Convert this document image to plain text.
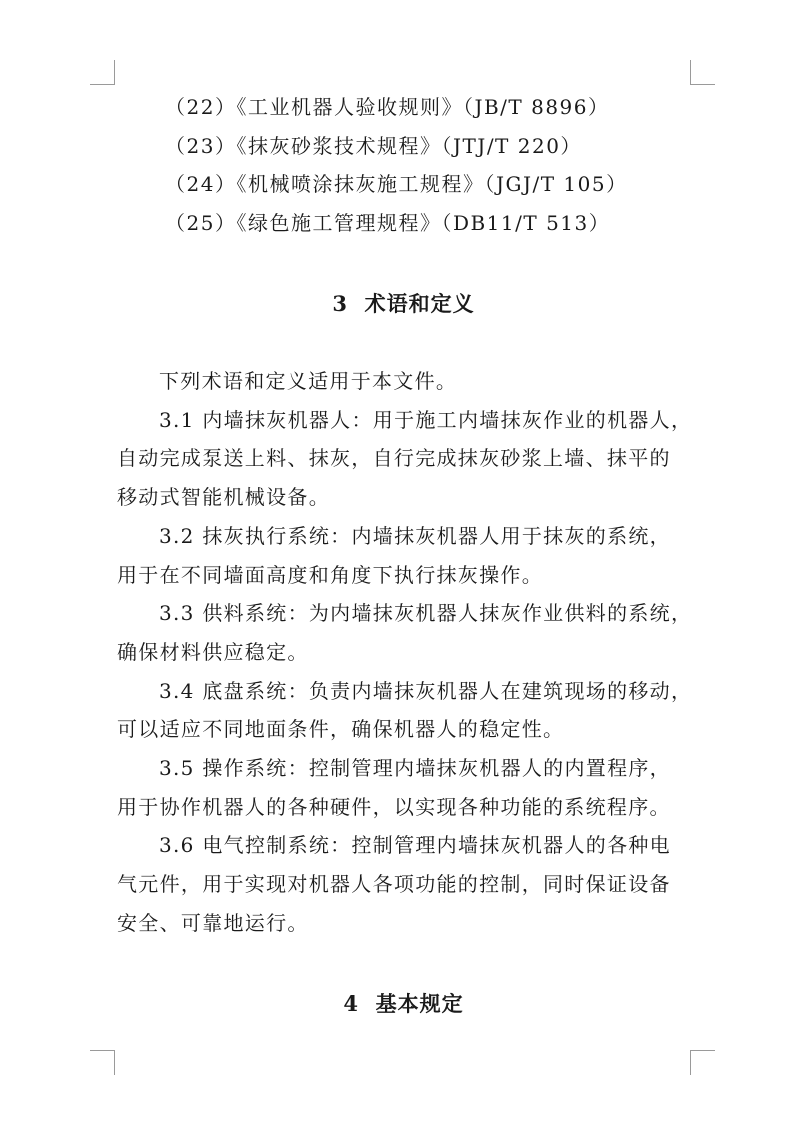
（22）《工业机器人验收规则》（JB/T 8896）
（23）《抹灰砂浆技术规程》（JTJ/T 220）
（24）《机械喷涂抹灰施工规程》（JGJ/T 105）
（25）《绿色施工管理规程》（DB11/T 513）
3  术语和定义
下列术语和定义适用于本文件。
3.1 内墙抹灰机器人：用于施工内墙抹灰作业的机器人，
自动完成泵送上料、抹灰，自行完成抹灰砂浆上墙、抹平的
移动式智能机械设备。
3.2 抹灰执行系统：内墙抹灰机器人用于抹灰的系统，
用于在不同墙面高度和角度下执行抹灰操作。
3.3 供料系统：为内墙抹灰机器人抹灰作业供料的系统，
确保材料供应稳定。
3.4 底盘系统：负责内墙抹灰机器人在建筑现场的移动，
可以适应不同地面条件，确保机器人的稳定性。
3.5 操作系统：控制管理内墙抹灰机器人的内置程序，
用于协作机器人的各种硬件，以实现各种功能的系统程序。
3.6 电气控制系统：控制管理内墙抹灰机器人的各种电
气元件，用于实现对机器人各项功能的控制，同时保证设备
安全、可靠地运行。
4  基本规定
